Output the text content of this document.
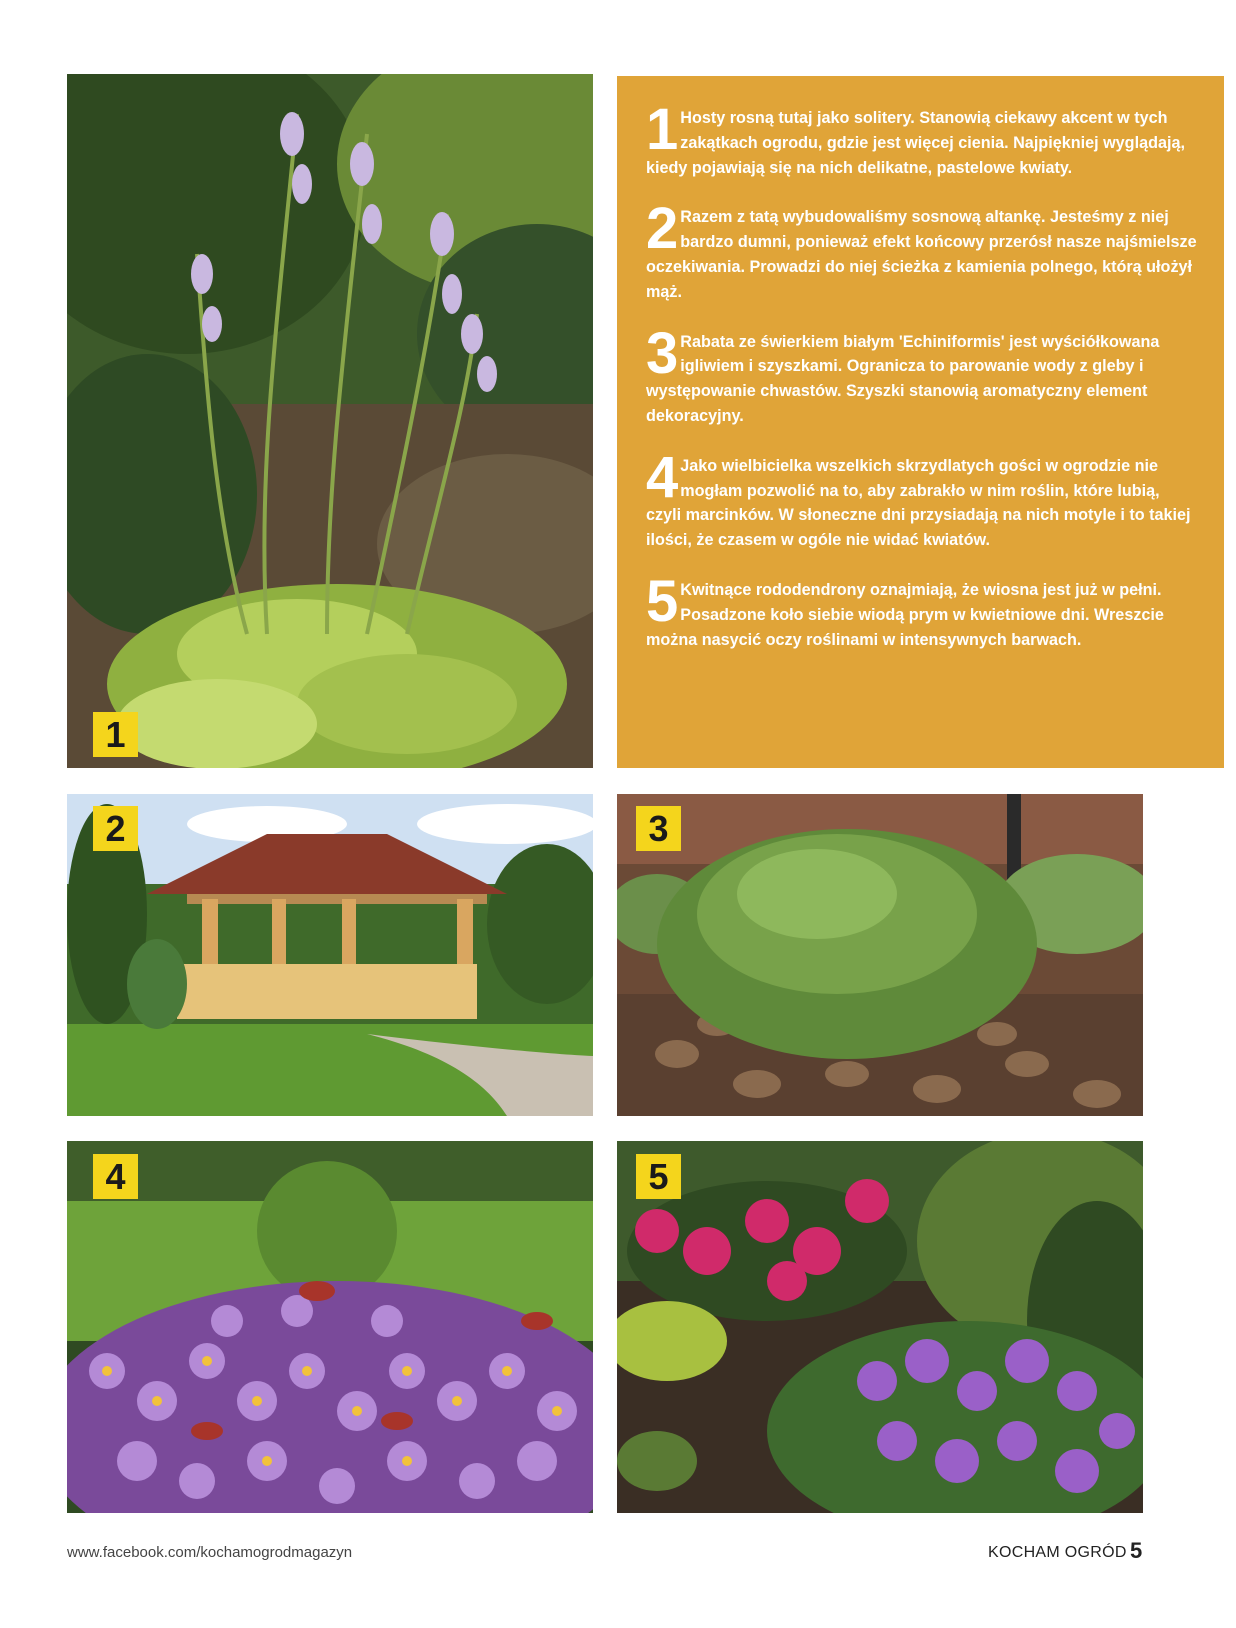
1
1 Hosty rosną tutaj jako solitery. Stanowią ciekawy akcent w tych zakątkach ogrodu, gdzie jest więcej cienia. Najpiękniej wyglądają, kiedy pojawiają się na nich delikatne, pastelowe kwiaty.
2 Razem z tatą wybudowaliśmy sosnową altankę. Jesteśmy z niej bardzo dumni, ponieważ efekt końcowy przerósł nasze najśmielsze oczekiwania. Prowadzi do niej ścieżka z kamienia polnego, którą ułożył mąż.
3 Rabata ze świerkiem białym 'Echiniformis' jest wyściółkowana igliwiem i szyszkami. Ogranicza to parowanie wody z gleby i występowanie chwastów. Szyszki stanowią aromatyczny element dekoracyjny.
4 Jako wielbicielka wszelkich skrzydlatych gości w ogrodzie nie mogłam pozwolić na to, aby zabrakło w nim roślin, które lubią, czyli marcinków. W słoneczne dni przysiadają na nich motyle i to takiej ilości, że czasem w ogóle nie widać kwiatów.
5 Kwitnące rododendrony oznajmiają, że wiosna jest już w pełni. Posadzone koło siebie wiodą prym w kwietniowe dni. Wreszcie można nasycić oczy roślinami w intensywnych barwach.
2	3
4	5
www.facebook.com/kochamogrodmagazyn	KOCHAM OGRÓD 5
